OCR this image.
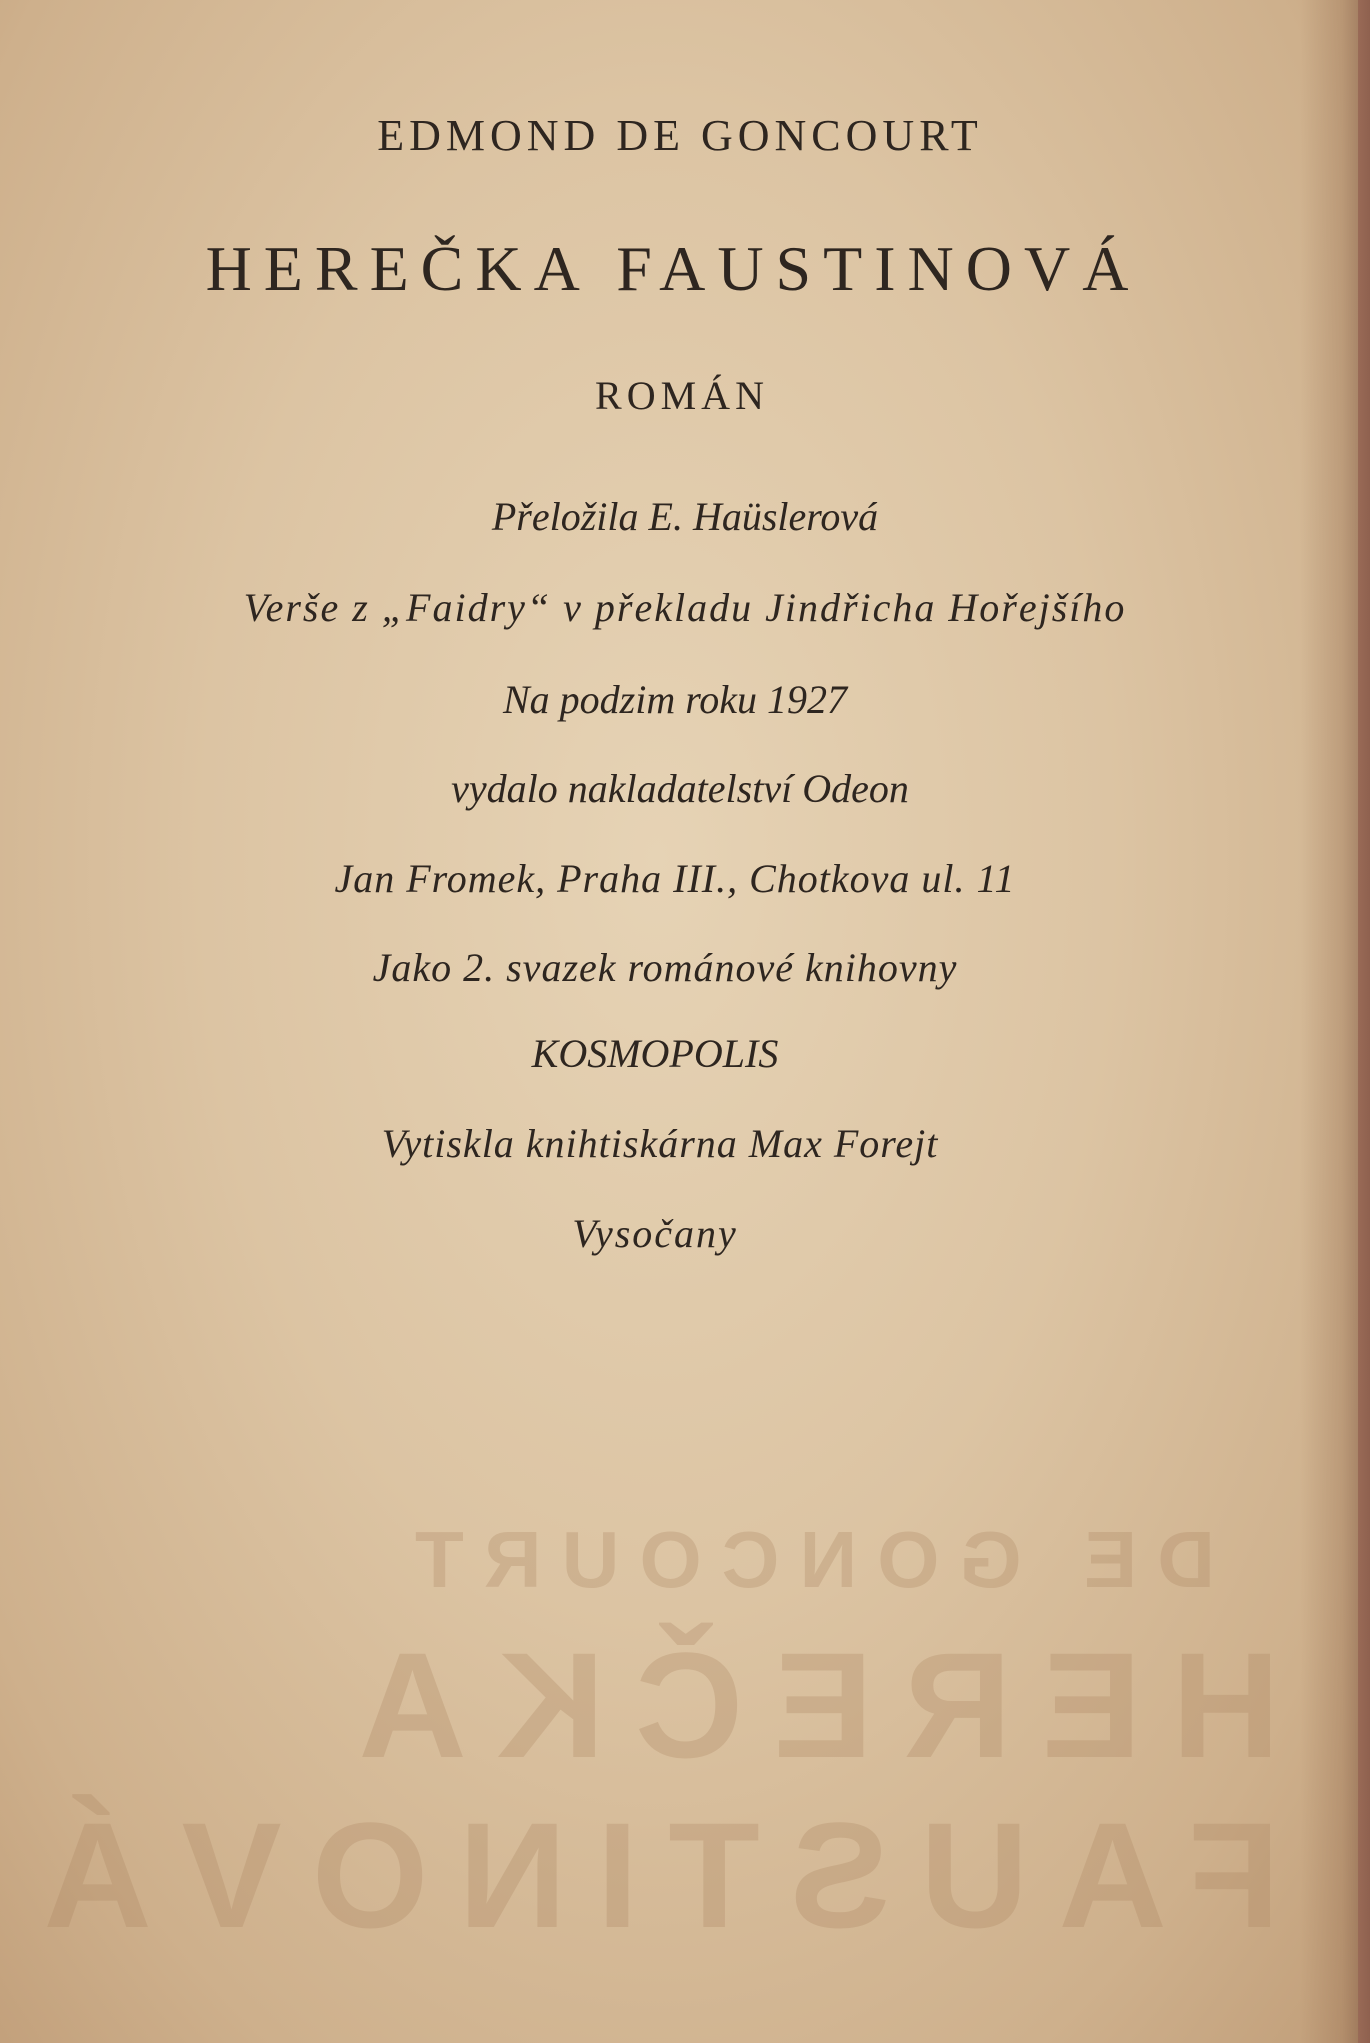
DE GONCOURT
HEREČKA
FAUSTINOVÁ
EDMOND DE GONCOURT
HEREČKA FAUSTINOVÁ
ROMÁN
Přeložila E. Haüslerová
Verše z „Faidry“ v překladu Jindřicha Hořejšího
Na podzim roku 1927
vydalo nakladatelství Odeon
Jan Fromek, Praha III., Chotkova ul. 11
Jako 2. svazek románové knihovny
KOSMOPOLIS
Vytiskla knihtiskárna Max Forejt
Vysočany
